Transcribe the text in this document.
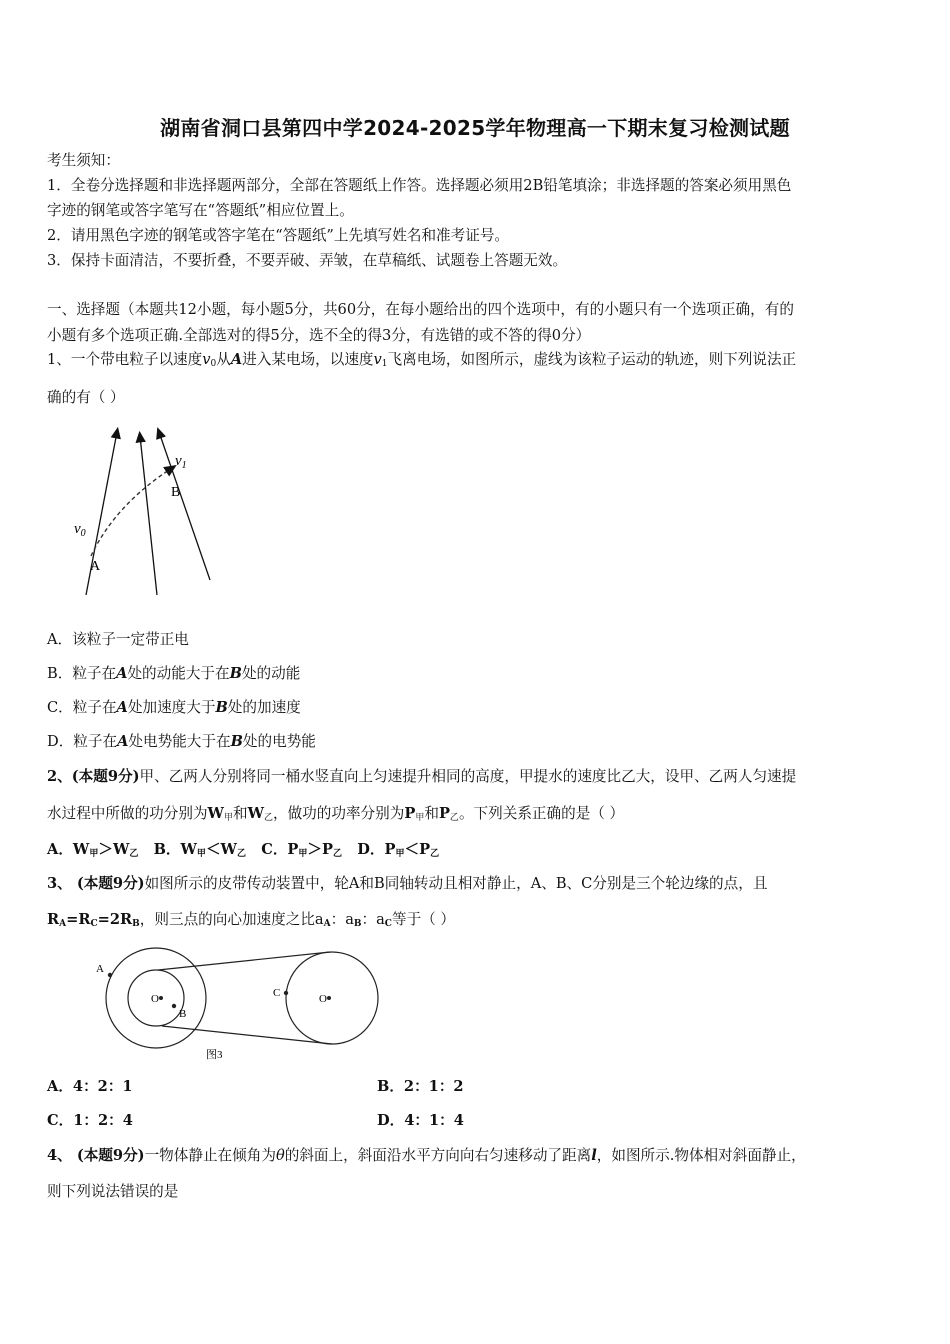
湖南省洞口县第四中学2024-2025学年物理高一下期末复习检测试题
考生须知：
1．全卷分选择题和非选择题两部分，全部在答题纸上作答。选择题必须用2B铅笔填涂；非选择题的答案必须用黑色
字迹的钢笔或答字笔写在“答题纸”相应位置上。
2．请用黑色字迹的钢笔或答字笔在“答题纸”上先填写姓名和准考证号。
3．保持卡面清洁，不要折叠，不要弄破、弄皱，在草稿纸、试题卷上答题无效。
一、选择题（本题共12小题，每小题5分，共60分，在每小题给出的四个选项中，有的小题只有一个选项正确，有的
小题有多个选项正确.全部选对的得5分，选不全的得3分，有选错的或不答的得0分）
1、一个带电粒子以速度$v_0$从A进入某电场，以速度$v_1$飞离电场，如图所示，虚线为该粒子运动的轨迹，则下列说法正
确的有（ ）
$v_0$
$v_1$
A
B
A．该粒子一定带正电
B．粒子在A处的动能大于在B处的动能
C．粒子在A处加速度大于B处的加速度
D．粒子在A处电势能大于在B处的电势能
2、(本题9分)甲、乙两人分别将同一桶水竖直向上匀速提升相同的高度，甲提水的速度比乙大，设甲、乙两人匀速提
水过程中所做的功分别为$W_甲$和$W_乙$，做功的功率分别为$P_甲$和$P_乙$。下列关系正确的是（ ）
A．$W_甲>W_乙$ B．$W_甲<W_乙$ C．$P_甲>P_乙$ D．$P_甲<P_乙$
3、 (本题9分)如图所示的皮带传动装置中，轮A和B同轴转动且相对静止，A、B、C分别是三个轮边缘的点，且
$R_A=R_C=2R_B$，则三点的向心加速度之比$a_A$：$a_B$：$a_C$等于（ ）
A
B
C
O	O
图3
A．4：2：1	B．2：1：2
C．1：2：4	D．4：1：4
4、 (本题9分)一物体静止在倾角为θ的斜面上，斜面沿水平方向向右匀速移动了距离l，如图所示.物体相对斜面静止，
则下列说法错误的是
